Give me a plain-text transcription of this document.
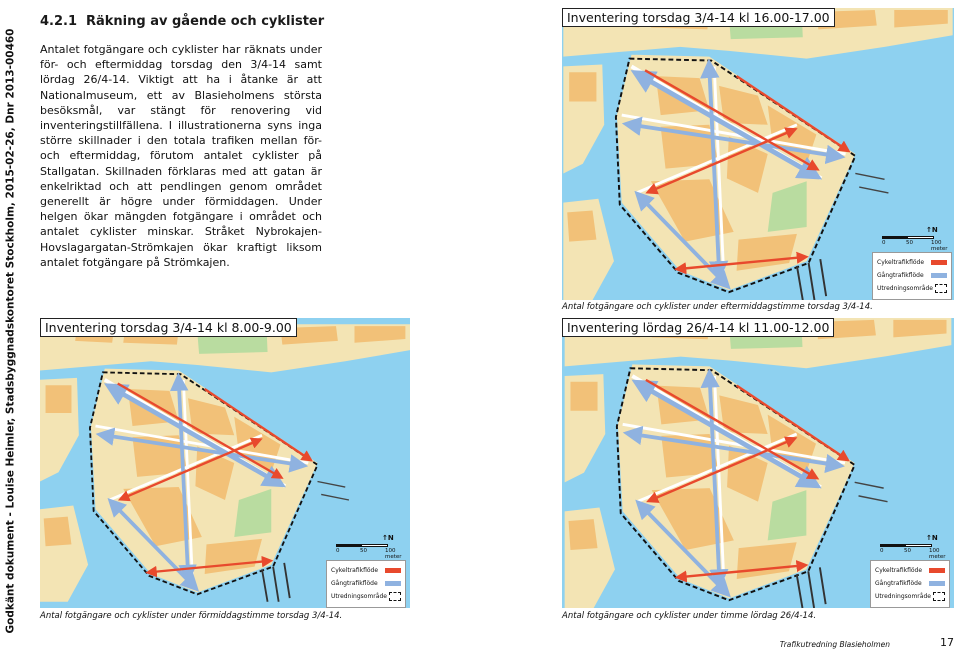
Godkänt dokument - Louise Heimler, Stadsbyggnadskontoret Stockholm, 2015-02-26, Dnr 2013-00460
4.2.1 Räkning av gående och cyklister
Antalet fotgängare och cyklister har räknats under för- och eftermiddag torsdag den 3/4-14 samt lördag 26/4-14. Viktigt att ha i åtanke är att Nationalmuseum, ett av Blasieholmens största besöksmål, var stängt för renovering vid inventeringstillfällena. I illustrationerna syns inga större skillnader i den totala trafiken mellan för- och eftermiddag, förutom antalet cyklister på Stallgatan. Skillnaden förklaras med att gatan är enkelriktad och att pendlingen genom området generellt är högre under förmiddagen. Under helgen ökar mängden fotgängare i området och antalet cyklister minskar. Stråket Nybrokajen-Hovslagargatan-Strömkajen ökar kraftigt liksom antalet fotgängare på Strömkajen.
Inventering torsdag 3/4-14 kl 16.00-17.00
↑N
0	50	100 meter
Cykeltrafikflöde
Gångtrafikflöde
Utredningsområde
Antal fotgängare och cyklister under eftermiddagstimme torsdag 3/4-14.
Inventering torsdag 3/4-14 kl 8.00-9.00
↑N
0	50	100 meter
Cykeltrafikflöde
Gångtrafikflöde
Utredningsområde
Antal fotgängare och cyklister under förmiddagstimme torsdag 3/4-14.
Inventering lördag 26/4-14 kl 11.00-12.00
↑N
0	50	100 meter
Cykeltrafikflöde
Gångtrafikflöde
Utredningsområde
Antal fotgängare och cyklister under timme lördag 26/4-14.
Trafikutredning Blasieholmen	17
